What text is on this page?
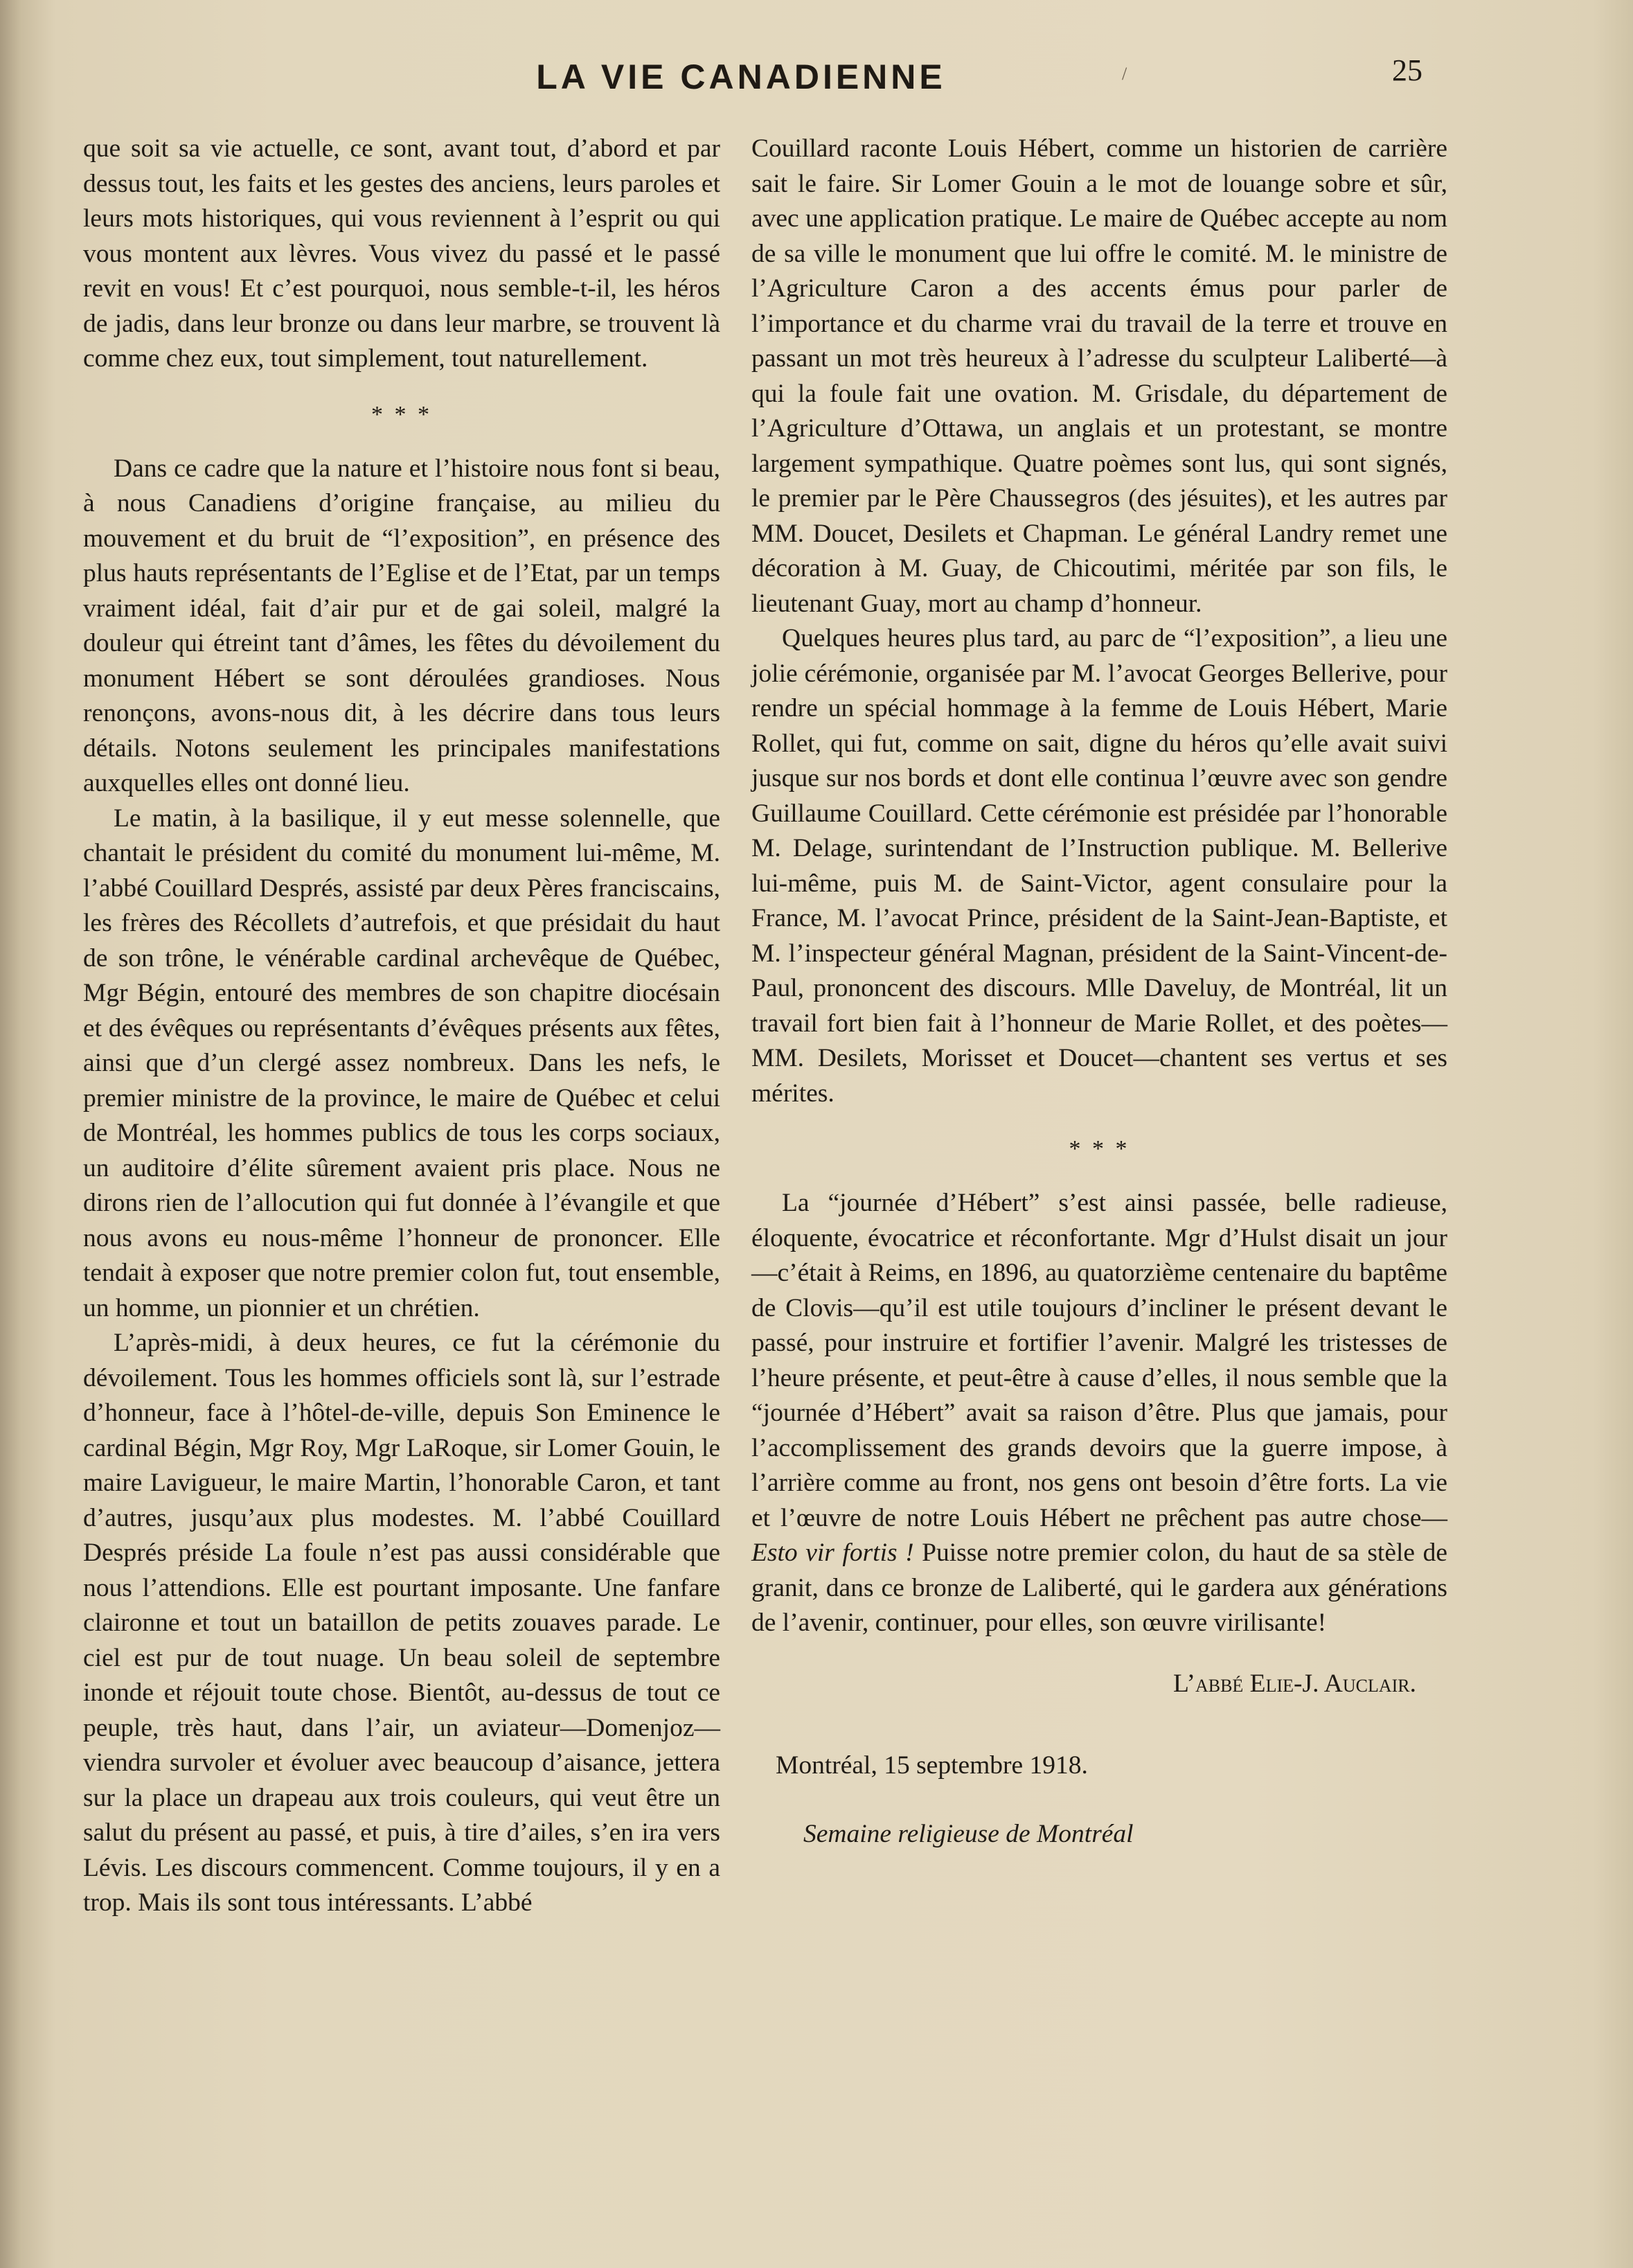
LA VIE CANADIENNE	25
/

que soit sa vie actuelle, ce sont, avant tout, d’abord et par dessus tout, les faits et les gestes des anciens, leurs paroles et leurs mots historiques, qui vous reviennent à l’esprit ou qui vous montent aux lèvres. Vous vivez du passé et le passé revit en vous! Et c’est pourquoi, nous semble-t-il, les héros de jadis, dans leur bronze ou dans leur marbre, se trouvent là comme chez eux, tout simplement, tout naturellement.

* * *

Dans ce cadre que la nature et l’histoire nous font si beau, à nous Canadiens d’origine française, au milieu du mouvement et du bruit de “l’exposition”, en présence des plus hauts représentants de l’Eglise et de l’Etat, par un temps vraiment idéal, fait d’air pur et de gai soleil, malgré la douleur qui étreint tant d’âmes, les fêtes du dévoilement du monument Hébert se sont déroulées grandioses. Nous renonçons, avons-nous dit, à les décrire dans tous leurs détails. Notons seulement les principales manifestations auxquelles elles ont donné lieu.

Le matin, à la basilique, il y eut messe solennelle, que chantait le président du comité du monument lui-même, M. l’abbé Couillard Després, assisté par deux Pères franciscains, les frères des Récollets d’autrefois, et que présidait du haut de son trône, le vénérable cardinal archevêque de Québec, Mgr Bégin, entouré des membres de son chapitre diocésain et des évêques ou représentants d’évêques présents aux fêtes, ainsi que d’un clergé assez nombreux. Dans les nefs, le premier ministre de la province, le maire de Québec et celui de Montréal, les hommes publics de tous les corps sociaux, un auditoire d’élite sûrement avaient pris place. Nous ne dirons rien de l’allocution qui fut donnée à l’évangile et que nous avons eu nous-même l’honneur de prononcer. Elle tendait à exposer que notre premier colon fut, tout ensemble, un homme, un pionnier et un chrétien.

L’après-midi, à deux heures, ce fut la cérémonie du dévoilement. Tous les hommes officiels sont là, sur l’estrade d’honneur, face à l’hôtel-de-ville, depuis Son Eminence le cardinal Bégin, Mgr Roy, Mgr LaRoque, sir Lomer Gouin, le maire Lavigueur, le maire Martin, l’honorable Caron, et tant d’autres, jusqu’aux plus modestes. M. l’abbé Couillard Després préside La foule n’est pas aussi considérable que nous l’attendions. Elle est pourtant imposante. Une fanfare claironne et tout un bataillon de petits zouaves parade. Le ciel est pur de tout nuage. Un beau soleil de septembre inonde et réjouit toute chose. Bientôt, au-dessus de tout ce peuple, très haut, dans l’air, un aviateur—Domenjoz—viendra survoler et évoluer avec beaucoup d’aisance, jettera sur la place un drapeau aux trois couleurs, qui veut être un salut du présent au passé, et puis, à tire d’ailes, s’en ira vers Lévis. Les discours commencent. Comme toujours, il y en a trop. Mais ils sont tous intéressants. L’abbé

Couillard raconte Louis Hébert, comme un historien de carrière sait le faire. Sir Lomer Gouin a le mot de louange sobre et sûr, avec une application pratique. Le maire de Québec accepte au nom de sa ville le monument que lui offre le comité. M. le ministre de l’Agriculture Caron a des accents émus pour parler de l’importance et du charme vrai du travail de la terre et trouve en passant un mot très heureux à l’adresse du sculpteur Laliberté—à qui la foule fait une ovation. M. Grisdale, du département de l’Agriculture d’Ottawa, un anglais et un protestant, se montre largement sympathique. Quatre poèmes sont lus, qui sont signés, le premier par le Père Chaussegros (des jésuites), et les autres par MM. Doucet, Desilets et Chapman. Le général Landry remet une décoration à M. Guay, de Chicoutimi, méritée par son fils, le lieutenant Guay, mort au champ d’honneur.

Quelques heures plus tard, au parc de “l’exposition”, a lieu une jolie cérémonie, organisée par M. l’avocat Georges Bellerive, pour rendre un spécial hommage à la femme de Louis Hébert, Marie Rollet, qui fut, comme on sait, digne du héros qu’elle avait suivi jusque sur nos bords et dont elle continua l’œuvre avec son gendre Guillaume Couillard. Cette cérémonie est présidée par l’honorable M. Delage, surintendant de l’Instruction publique. M. Bellerive lui-même, puis M. de Saint-Victor, agent consulaire pour la France, M. l’avocat Prince, président de la Saint-Jean-Baptiste, et M. l’inspecteur général Magnan, président de la Saint-Vincent-de-Paul, prononcent des discours. Mlle Daveluy, de Montréal, lit un travail fort bien fait à l’honneur de Marie Rollet, et des poètes—MM. Desilets, Morisset et Doucet—chantent ses vertus et ses mérites.

* * *

La “journée d’Hébert” s’est ainsi passée, belle radieuse, éloquente, évocatrice et réconfortante. Mgr d’Hulst disait un jour—c’était à Reims, en 1896, au quatorzième centenaire du baptême de Clovis—qu’il est utile toujours d’incliner le présent devant le passé, pour instruire et fortifier l’avenir. Malgré les tristesses de l’heure présente, et peut-être à cause d’elles, il nous semble que la “journée d’Hébert” avait sa raison d’être. Plus que jamais, pour l’accomplissement des grands devoirs que la guerre impose, à l’arrière comme au front, nos gens ont besoin d’être forts. La vie et l’œuvre de notre Louis Hébert ne prêchent pas autre chose—Esto vir fortis ! Puisse notre premier colon, du haut de sa stèle de granit, dans ce bronze de Laliberté, qui le gardera aux générations de l’avenir, continuer, pour elles, son œuvre virilisante!

L’abbé Elie-J. Auclair.
Montréal, 15 septembre 1918.
Semaine religieuse de Montréal
